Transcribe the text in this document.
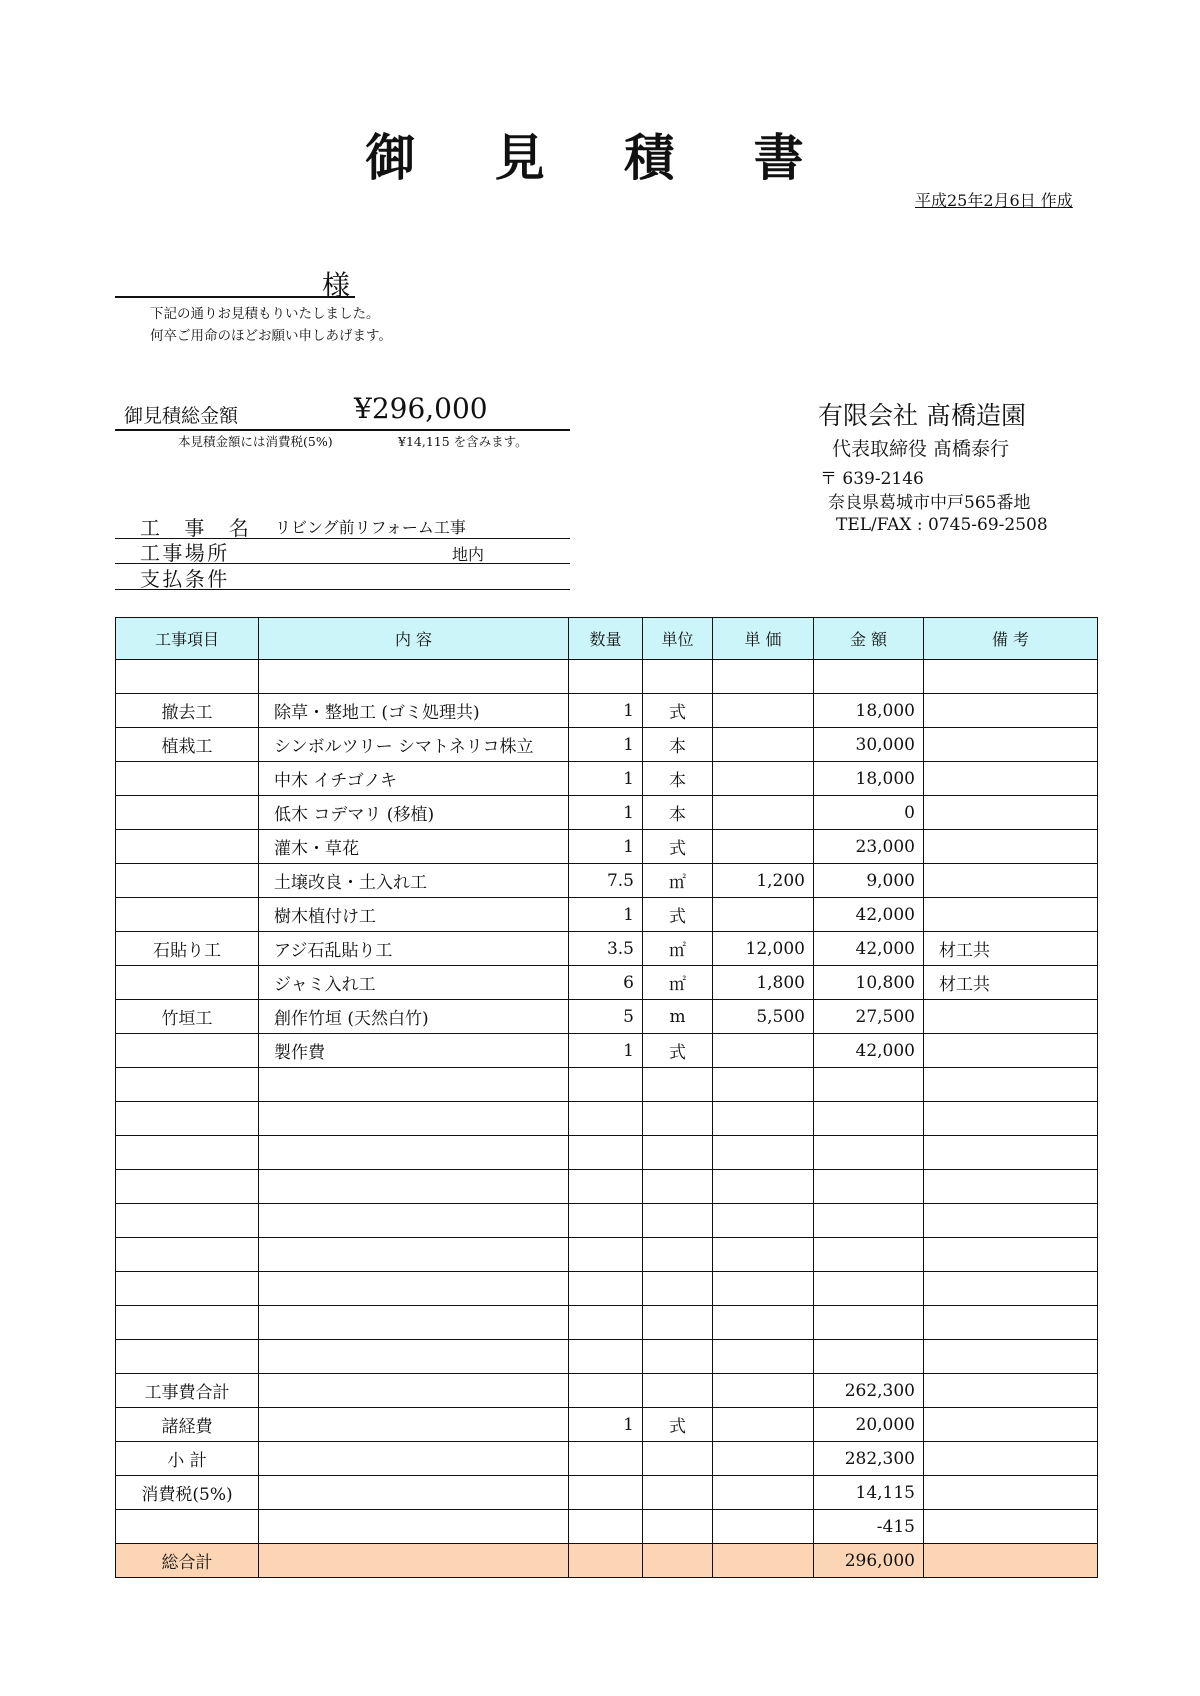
御 見 積 書
平成25年2月6日 作成
様
下記の通りお見積もりいたしました。
何卒ご用命のほどお願い申しあげます。
御見積総金額	¥296,000
本見積金額には消費税(5%)	¥14,115 を含みます。
有限会社 髙橋造園
代表取締役 髙橋泰行
〒 639-2146
奈良県葛城市中戸565番地
TEL/FAX : 0745-69-2508
工 事 名 リビング前リフォーム工事
工事場所	地内
支払条件
工事項目	内 容	数量	単位	単 価	金 額	備 考

撤去工	除草・整地工 (ゴミ処理共)	1	式		18,000	
植栽工	シンボルツリー シマトネリコ株立	1	本		30,000	
	中木 イチゴノキ	1	本		18,000	
	低木 コデマリ (移植)	1	本		0	
	灌木・草花	1	式		23,000	
	土壌改良・土入れ工	7.5	㎡	1,200	9,000	
	樹木植付け工	1	式		42,000	
石貼り工	アジ石乱貼り工	3.5	㎡	12,000	42,000	材工共
	ジャミ入れ工	6	㎡	1,800	10,800	材工共
竹垣工	創作竹垣 (天然白竹)	5	m	5,500	27,500	
	製作費	1	式		42,000	

工事費合計					262,300	
諸経費		1	式		20,000	
小 計					282,300	
消費税(5%)					14,115	
					-415	
総合計					296,000	
